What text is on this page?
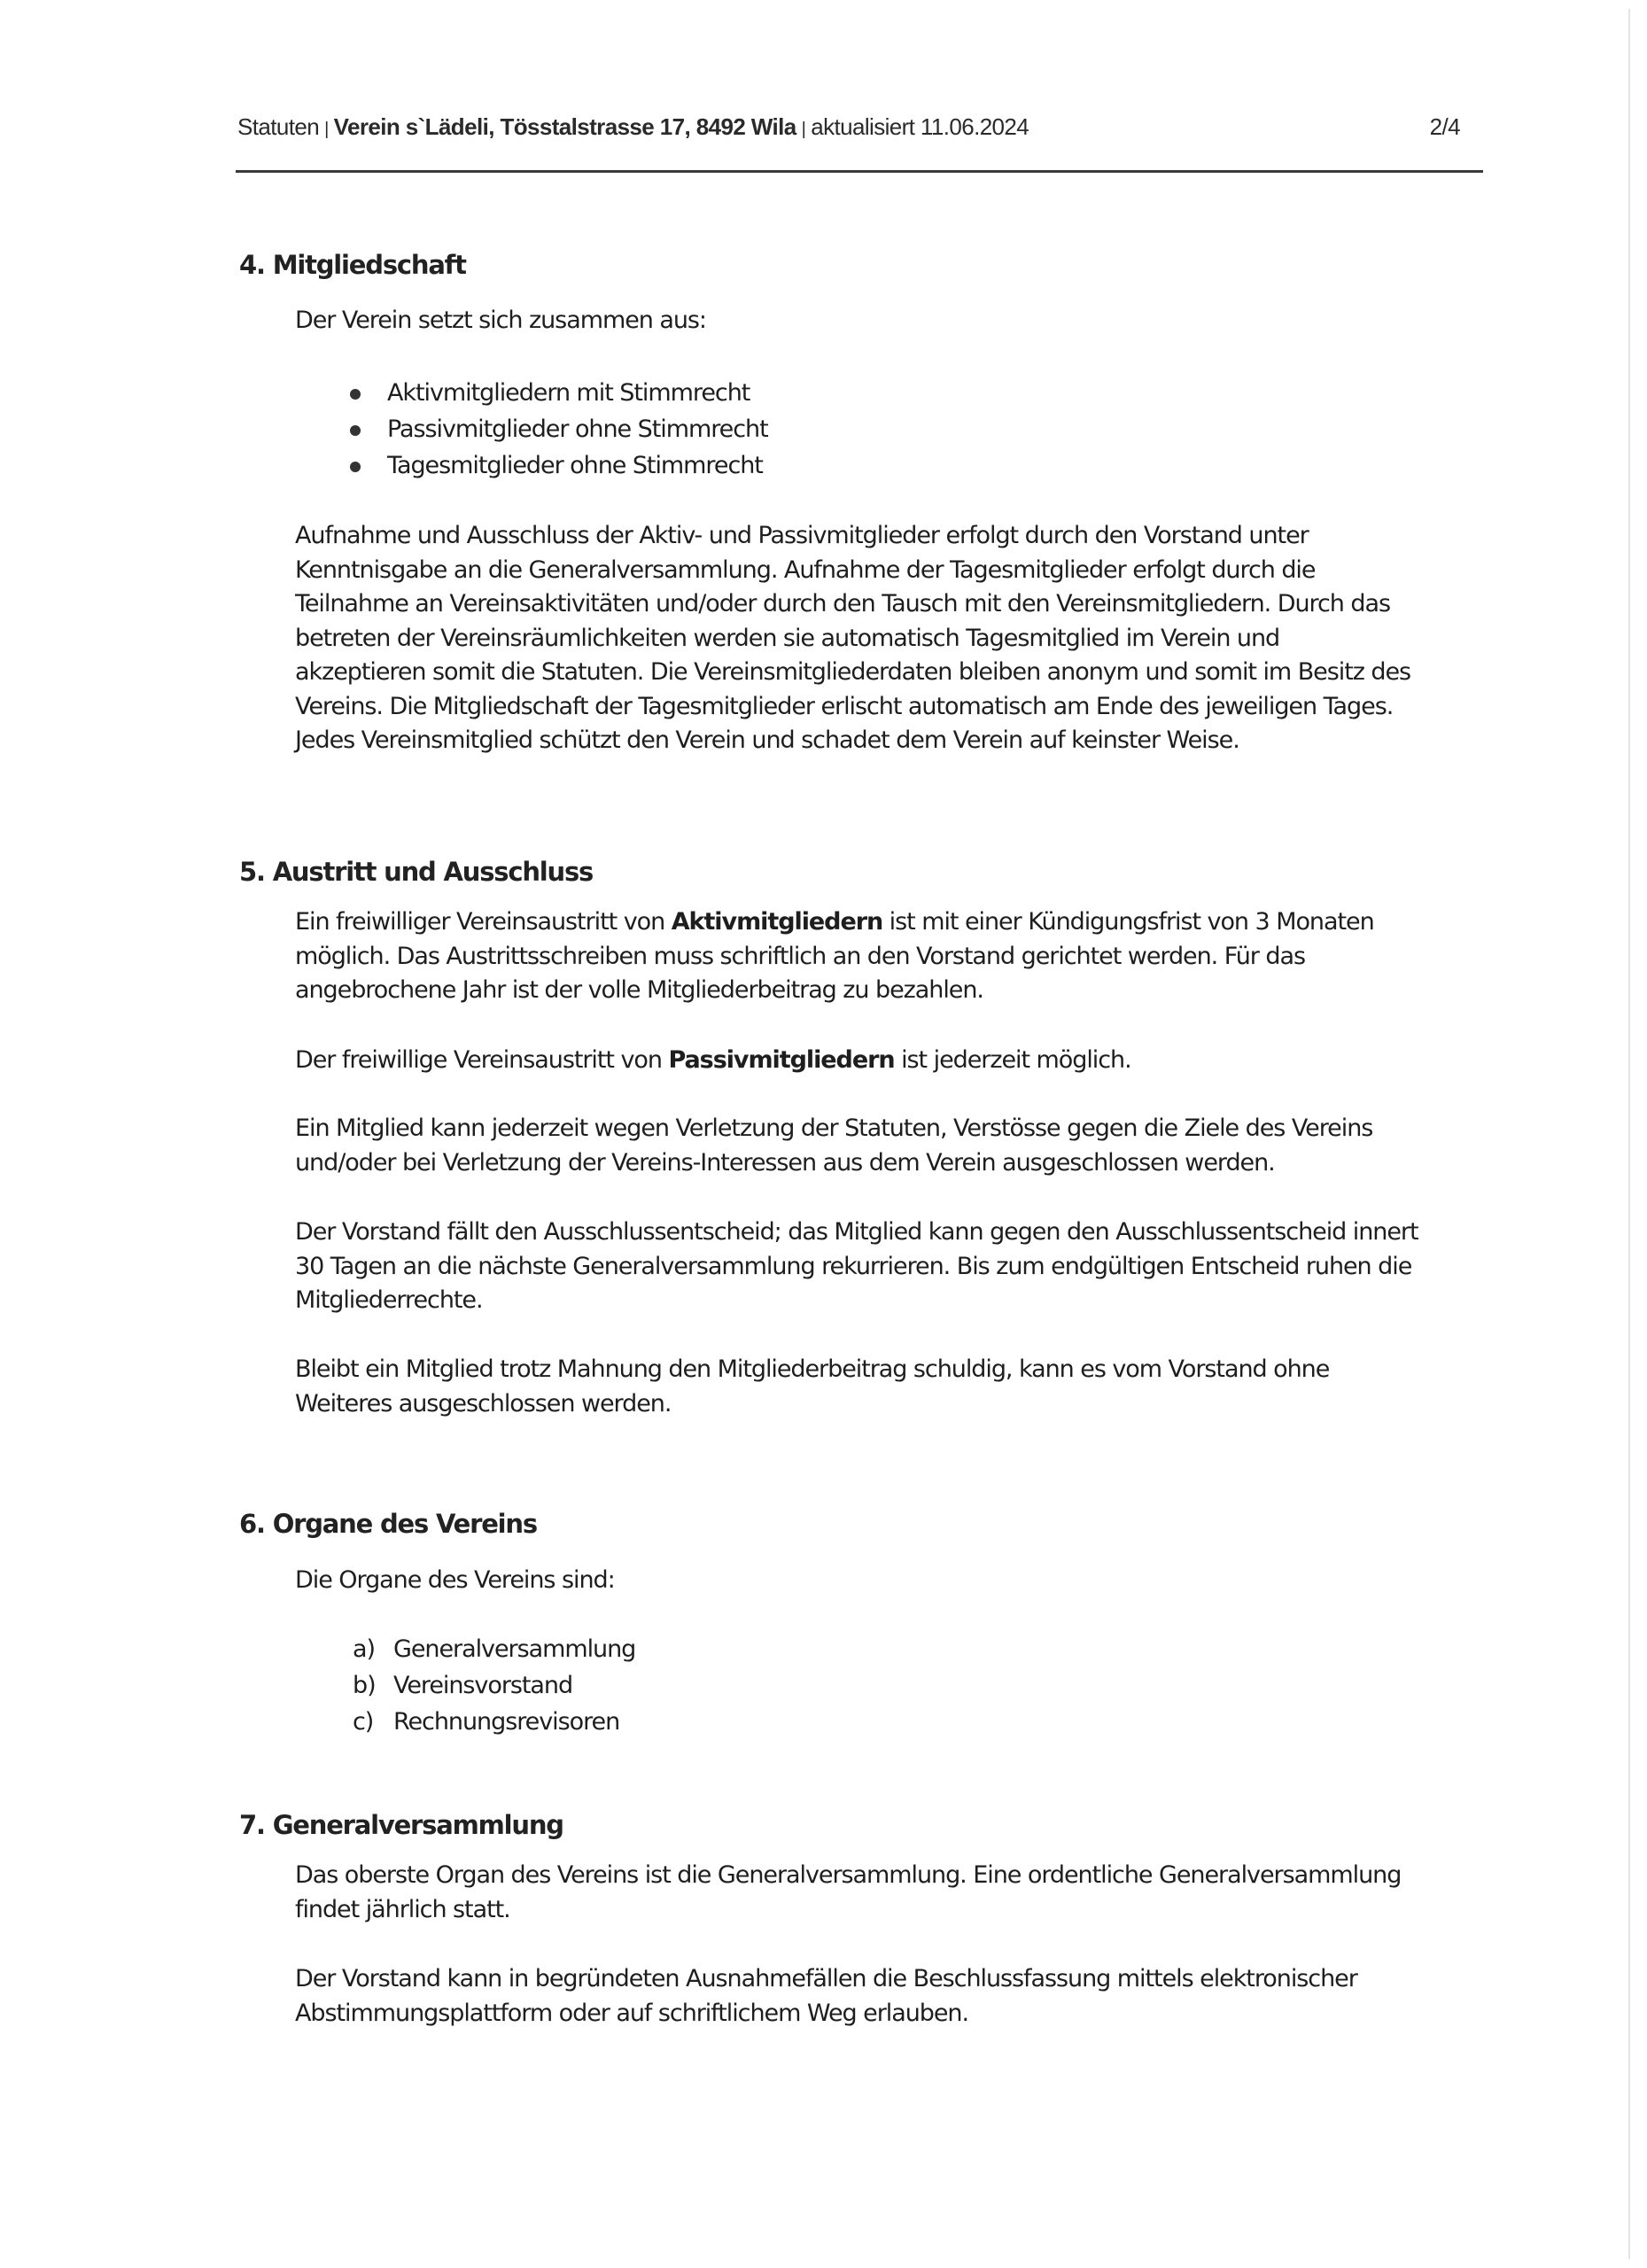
Statuten | Verein s`Lädeli, Tösstalstrasse 17, 8492 Wila | aktualisiert 11.06.2024	2/4
4. Mitgliedschaft
Der Verein setzt sich zusammen aus:
Aktivmitgliedern mit Stimmrecht
Passivmitglieder ohne Stimmrecht
Tagesmitglieder ohne Stimmrecht
Aufnahme und Ausschluss der Aktiv- und Passivmitglieder erfolgt durch den Vorstand unter
Kenntnisgabe an die Generalversammlung. Aufnahme der Tagesmitglieder erfolgt durch die
Teilnahme an Vereinsaktivitäten und/oder durch den Tausch mit den Vereinsmitgliedern. Durch das
betreten der Vereinsräumlichkeiten werden sie automatisch Tagesmitglied im Verein und
akzeptieren somit die Statuten. Die Vereinsmitgliederdaten bleiben anonym und somit im Besitz des
Vereins. Die Mitgliedschaft der Tagesmitglieder erlischt automatisch am Ende des jeweiligen Tages.
Jedes Vereinsmitglied schützt den Verein und schadet dem Verein auf keinster Weise.
5. Austritt und Ausschluss
Ein freiwilliger Vereinsaustritt von Aktivmitgliedern ist mit einer Kündigungsfrist von 3 Monaten
möglich. Das Austrittsschreiben muss schriftlich an den Vorstand gerichtet werden. Für das
angebrochene Jahr ist der volle Mitgliederbeitrag zu bezahlen.
Der freiwillige Vereinsaustritt von Passivmitgliedern ist jederzeit möglich.
Ein Mitglied kann jederzeit wegen Verletzung der Statuten, Verstösse gegen die Ziele des Vereins
und/oder bei Verletzung der Vereins-Interessen aus dem Verein ausgeschlossen werden.
Der Vorstand fällt den Ausschlussentscheid; das Mitglied kann gegen den Ausschlussentscheid innert
30 Tagen an die nächste Generalversammlung rekurrieren. Bis zum endgültigen Entscheid ruhen die
Mitgliederrechte.
Bleibt ein Mitglied trotz Mahnung den Mitgliederbeitrag schuldig, kann es vom Vorstand ohne
Weiteres ausgeschlossen werden.
6. Organe des Vereins
Die Organe des Vereins sind:
a) Generalversammlung
b) Vereinsvorstand
c) Rechnungsrevisoren
7. Generalversammlung
Das oberste Organ des Vereins ist die Generalversammlung. Eine ordentliche Generalversammlung
findet jährlich statt.
Der Vorstand kann in begründeten Ausnahmefällen die Beschlussfassung mittels elektronischer
Abstimmungsplattform oder auf schriftlichem Weg erlauben.
